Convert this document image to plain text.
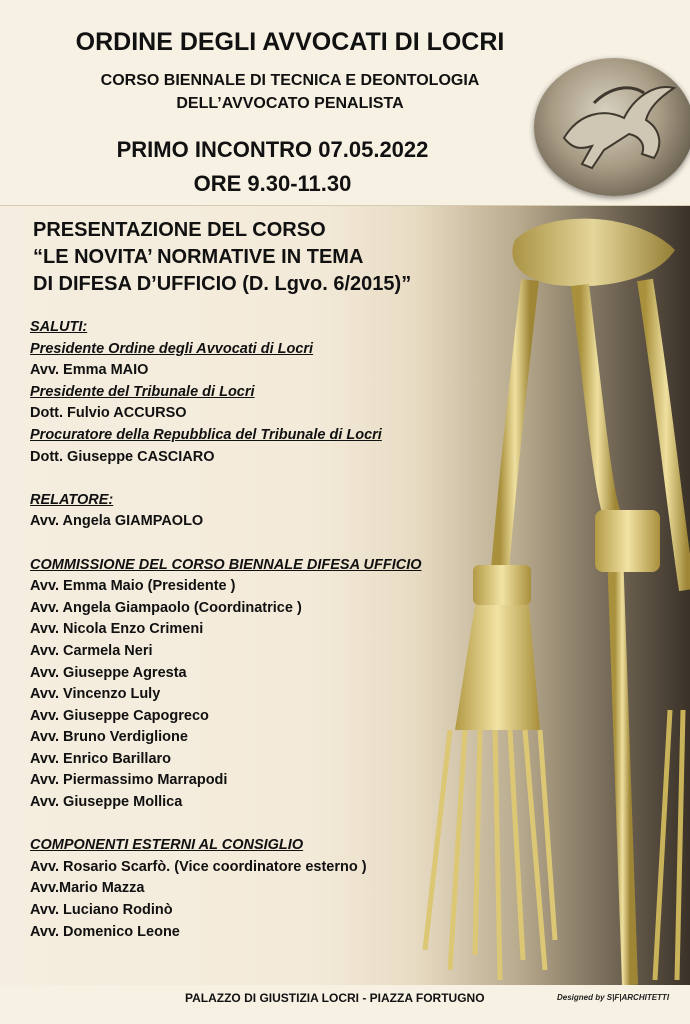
ORDINE DEGLI AVVOCATI DI LOCRI
CORSO BIENNALE DI TECNICA E DEONTOLOGIA
DELL’AVVOCATO PENALISTA
PRIMO INCONTRO 07.05.2022
ORE 9.30-11.30
PRESENTAZIONE DEL CORSO
“LE NOVITA’ NORMATIVE IN TEMA
DI DIFESA D’UFFICIO (D. Lgvo. 6/2015)”
SALUTI:
Presidente Ordine degli Avvocati di Locri
Avv. Emma MAIO
Presidente del Tribunale di Locri
Dott. Fulvio ACCURSO
Procuratore della Repubblica del Tribunale di Locri
Dott. Giuseppe CASCIARO
RELATORE:
Avv. Angela GIAMPAOLO
COMMISSIONE DEL CORSO BIENNALE DIFESA UFFICIO
Avv. Emma Maio (Presidente )
Avv. Angela Giampaolo (Coordinatrice )
Avv. Nicola Enzo Crimeni
Avv. Carmela Neri
Avv. Giuseppe Agresta
Avv. Vincenzo Luly
Avv. Giuseppe Capogreco
Avv. Bruno Verdiglione
Avv. Enrico Barillaro
Avv. Piermassimo Marrapodi
Avv. Giuseppe Mollica
COMPONENTI ESTERNI AL CONSIGLIO
Avv. Rosario Scarfò. (Vice coordinatore esterno )
Avv.Mario Mazza
Avv. Luciano Rodinò
Avv. Domenico Leone
PALAZZO DI GIUSTIZIA LOCRI - PIAZZA FORTUGNO	Designed by S|F|ARCHITETTI
